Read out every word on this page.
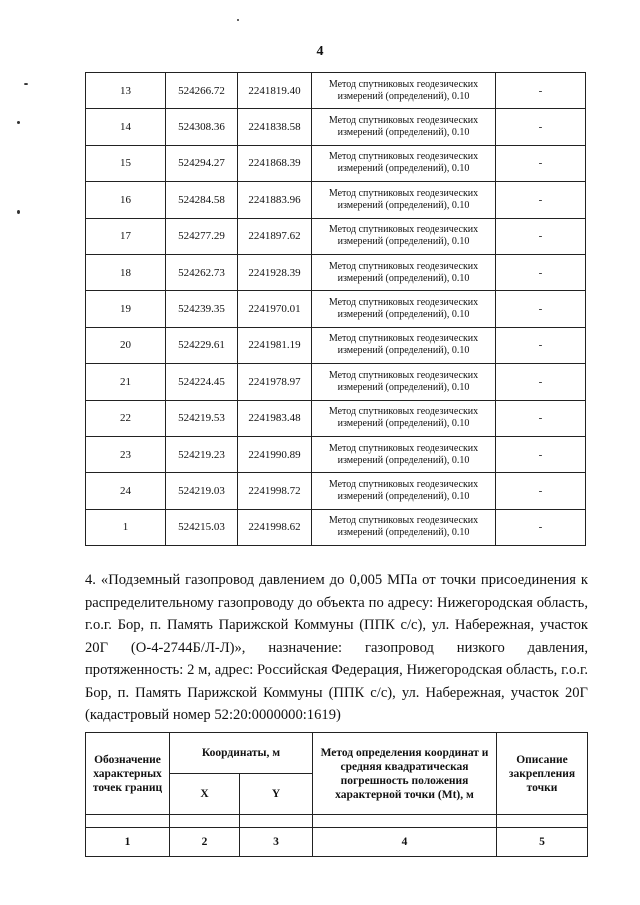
4
13	524266.72	2241819.40	Метод спутниковых геодезических измерений (определений), 0.10	-
14	524308.36	2241838.58	Метод спутниковых геодезических измерений (определений), 0.10	-
15	524294.27	2241868.39	Метод спутниковых геодезических измерений (определений), 0.10	-
16	524284.58	2241883.96	Метод спутниковых геодезических измерений (определений), 0.10	-
17	524277.29	2241897.62	Метод спутниковых геодезических измерений (определений), 0.10	-
18	524262.73	2241928.39	Метод спутниковых геодезических измерений (определений), 0.10	-
19	524239.35	2241970.01	Метод спутниковых геодезических измерений (определений), 0.10	-
20	524229.61	2241981.19	Метод спутниковых геодезических измерений (определений), 0.10	-
21	524224.45	2241978.97	Метод спутниковых геодезических измерений (определений), 0.10	-
22	524219.53	2241983.48	Метод спутниковых геодезических измерений (определений), 0.10	-
23	524219.23	2241990.89	Метод спутниковых геодезических измерений (определений), 0.10	-
24	524219.03	2241998.72	Метод спутниковых геодезических измерений (определений), 0.10	-
1	524215.03	2241998.62	Метод спутниковых геодезических измерений (определений), 0.10	-

4. «Подземный газопровод давлением до 0,005 МПа от точки присоединения к распределительному газопроводу до объекта по адресу: Нижегородская область, г.о.г. Бор, п. Память Парижской Коммуны (ППК с/с), ул. Набережная, участок 20Г (О-4-2744Б/Л-Л)», назначение: газопровод низкого давления, протяженность: 2 м, адрес: Российская Федерация, Нижегородская область, г.о.г. Бор, п. Память Парижской Коммуны (ППК с/с), ул. Набережная, участок 20Г (кадастровый номер 52:20:0000000:1619)

Обозначение характерных точек границ	Координаты, м		Метод определения координат и средняя квадратическая погрешность положения характерной точки (Mt), м	Описание закрепления точки
	X	Y		

1	2	3	4	5
